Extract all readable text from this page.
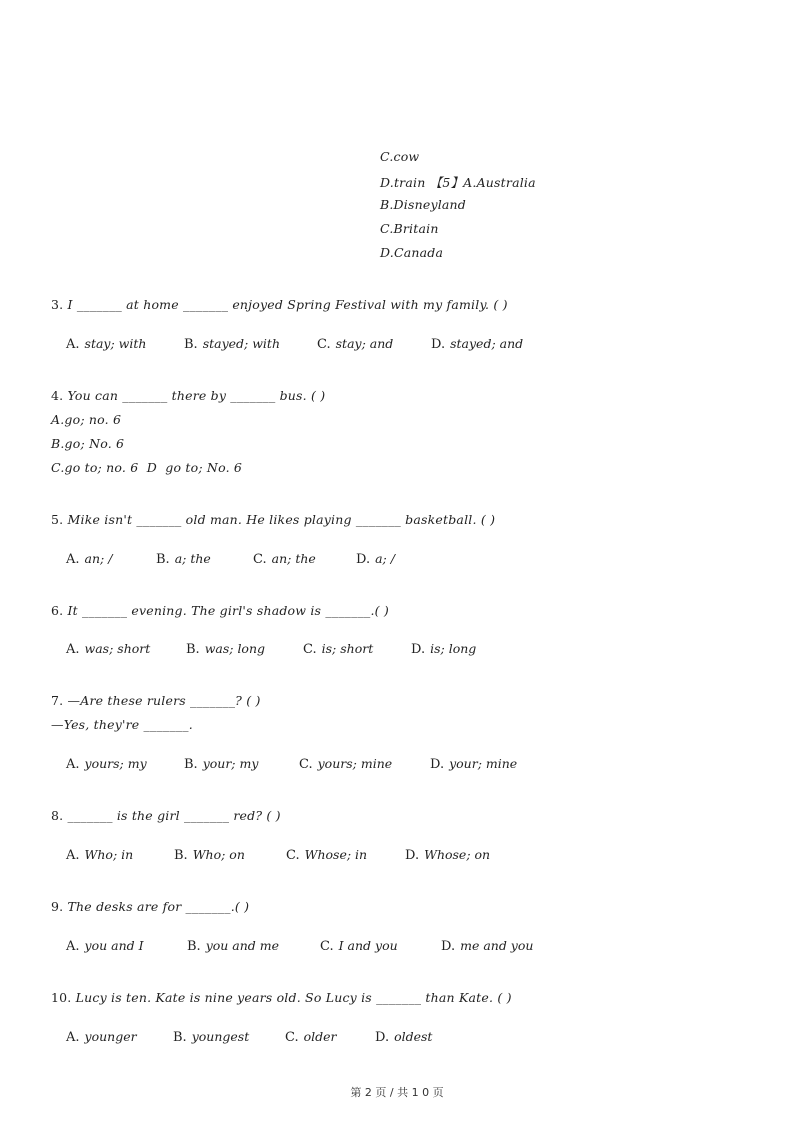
C.cow
D.train 【5】A.Australia
B.Disneyland
C.Britain
D.Canada
3. I _______ at home _______ enjoyed Spring Festival with my family. ( )
A. stay; with	B. stayed; with	C. stay; and	D. stayed; and
4. You can _______ there by _______ bus. ( )
A.go; no. 6
B.go; No. 6
C.go to; no. 6  D  go to; No. 6
5. Mike isn't _______ old man. He likes playing _______ basketball. ( )
A. an; /	B. a; the	C. an; the	D. a; /
6. It _______ evening. The girl's shadow is _______.( )
A. was; short	B. was; long	C. is; short	D. is; long
7. —Are these rulers _______? ( )
—Yes, they're _______.
A. yours; my	B. your; my	C. yours; mine	D. your; mine
8. _______ is the girl _______ red? ( )
A. Who; in	B. Who; on	C. Whose; in	D. Whose; on
9. The desks are for _______.( )
A. you and I	B. you and me	C. I and you	D. me and you
10. Lucy is ten. Kate is nine years old. So Lucy is _______ than Kate. ( )
A. younger	B. youngest	C. older	D. oldest
第 2 页 / 共 1 0 页
